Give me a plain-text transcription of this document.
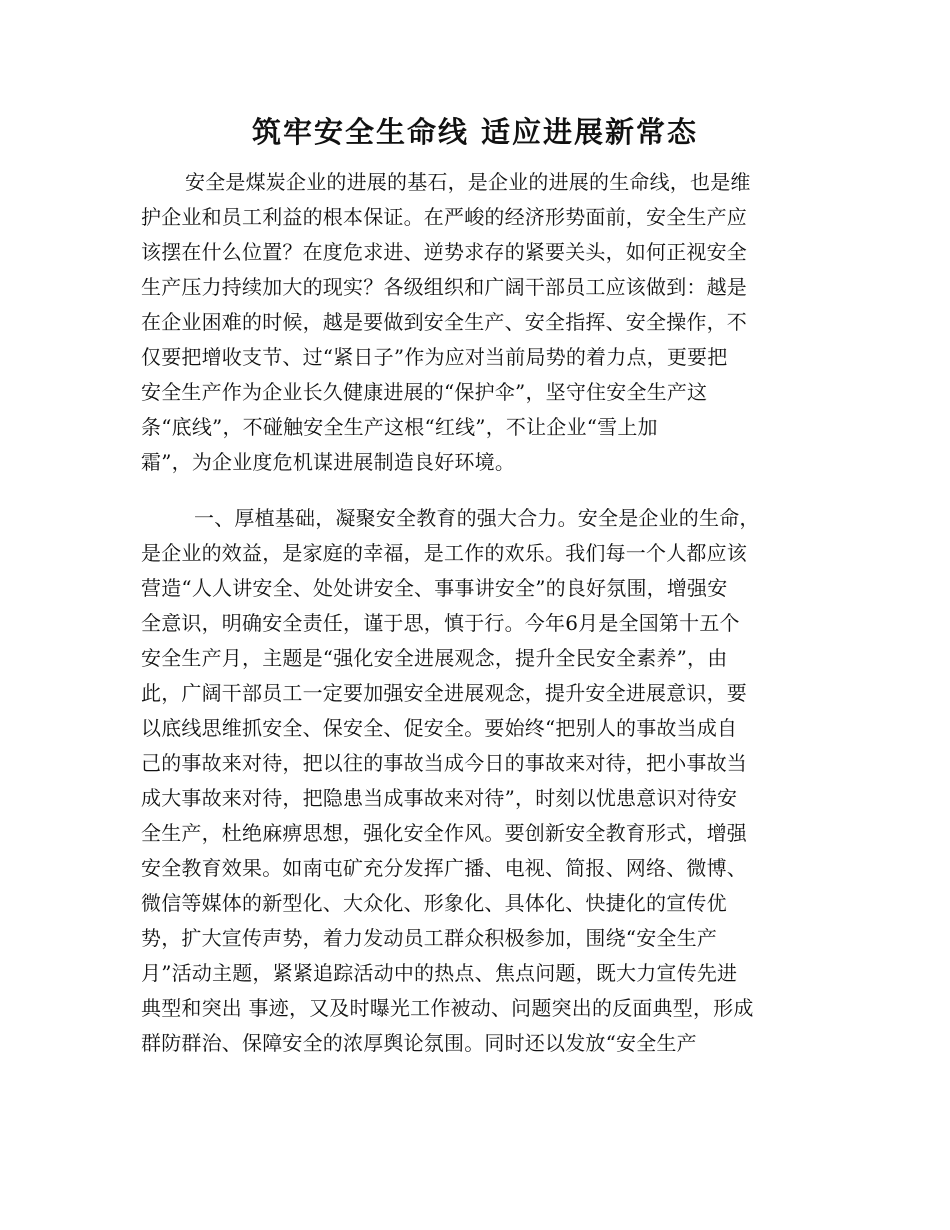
筑牢安全生命线 适应进展新常态
安全是煤炭企业的进展的基石，是企业的进展的生命线，也是维
护企业和员工利益的根本保证。在严峻的经济形势面前，安全生产应
该摆在什么位置？在度危求进、逆势求存的紧要关头，如何正视安全
生产压力持续加大的现实？各级组织和广阔干部员工应该做到：越是
在企业困难的时候，越是要做到安全生产、安全指挥、安全操作，不
仅要把增收支节、过“紧日子”作为应对当前局势的着力点，更要把
安全生产作为企业长久健康进展的“保护伞”，坚守住安全生产这
条“底线”，不碰触安全生产这根“红线”，不让企业“雪上加
霜”，为企业度危机谋进展制造良好环境。
一、厚植基础，凝聚安全教育的强大合力。安全是企业的生命，
是企业的效益，是家庭的幸福，是工作的欢乐。我们每一个人都应该
营造“人人讲安全、处处讲安全、事事讲安全”的良好氛围，增强安
全意识，明确安全责任，谨于思，慎于行。今年6月是全国第十五个
安全生产月，主题是“强化安全进展观念，提升全民安全素养”，由
此，广阔干部员工一定要加强安全进展观念，提升安全进展意识，要
以底线思维抓安全、保安全、促安全。要始终“把别人的事故当成自
己的事故来对待，把以往的事故当成今日的事故来对待，把小事故当
成大事故来对待，把隐患当成事故来对待”，时刻以忧患意识对待安
全生产，杜绝麻痹思想，强化安全作风。要创新安全教育形式，增强
安全教育效果。如南屯矿充分发挥广播、电视、简报、网络、微博、
微信等媒体的新型化、大众化、形象化、具体化、快捷化的宣传优
势，扩大宣传声势，着力发动员工群众积极参加，围绕“安全生产
月”活动主题，紧紧追踪活动中的热点、焦点问题，既大力宣传先进
典型和突出 事迹，又及时曝光工作被动、问题突出的反面典型，形成
群防群治、保障安全的浓厚舆论氛围。同时还以发放“安全生产
